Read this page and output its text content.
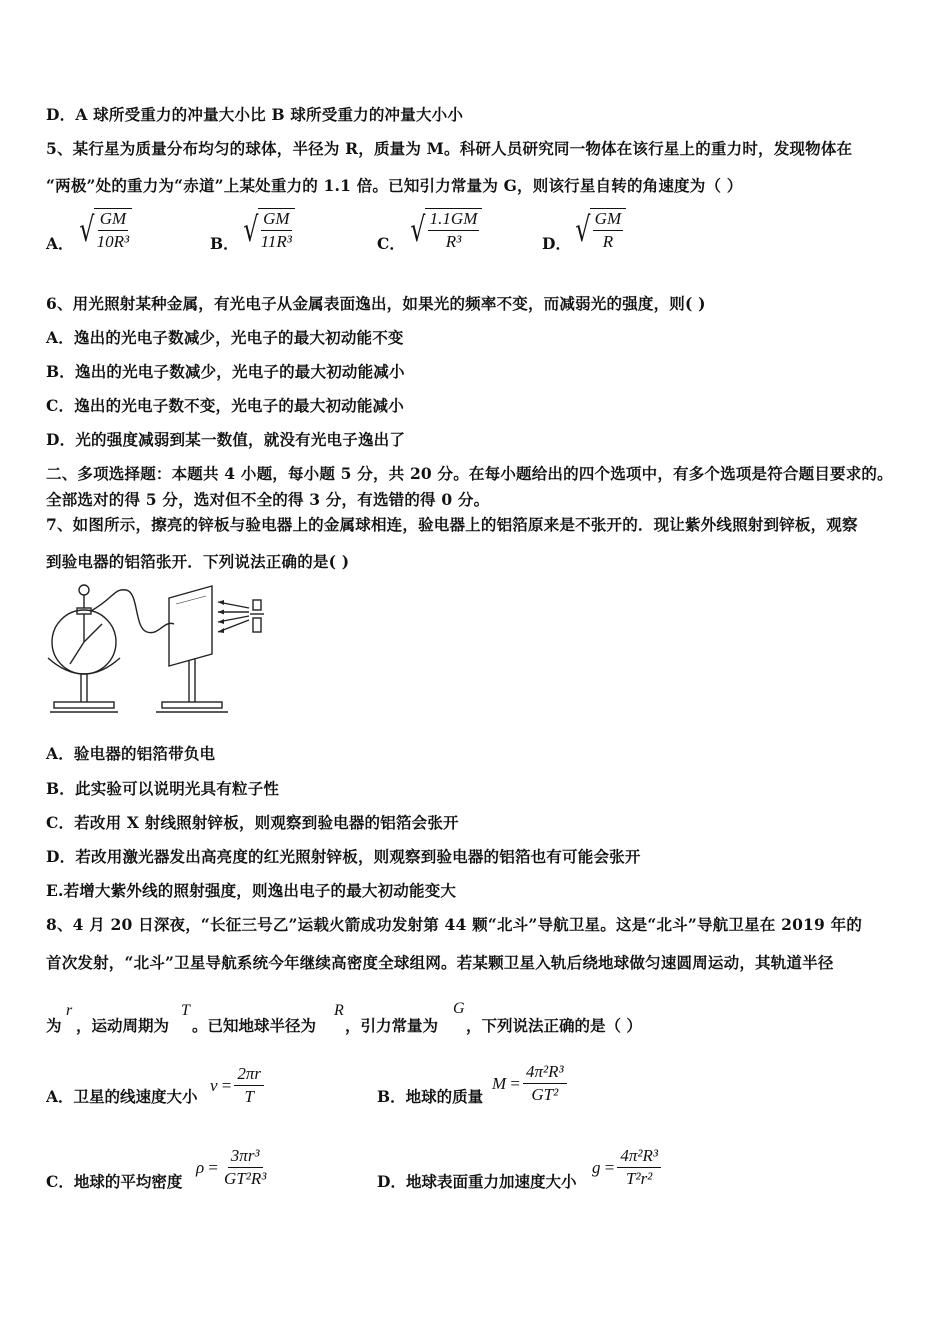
D．A 球所受重力的冲量大小比 B 球所受重力的冲量大小小
5、某行星为质量分布均匀的球体，半径为 R，质量为 M。科研人员研究同一物体在该行星上的重力时，发现物体在
“两极”处的重力为“赤道”上某处重力的 1.1 倍。已知引力常量为 G，则该行星自转的角速度为（ ）
A． √ $\frac{GM}{\text{10R³}}$	B． √ $\frac{GM}{\text{11R³}}$	C． √ $\frac{1.1GM}{\text{R³}}$	D． √ $\frac{GM}{R}$
6、用光照射某种金属，有光电子从金属表面逸出，如果光的频率不变，而减弱光的强度，则( )
A．逸出的光电子数减少，光电子的最大初动能不变
B．逸出的光电子数减少，光电子的最大初动能减小
C．逸出的光电子数不变，光电子的最大初动能减小
D．光的强度减弱到某一数值，就没有光电子逸出了
二、多项选择题：本题共 4 小题，每小题 5 分，共 20 分。在每小题给出的四个选项中，有多个选项是符合题目要求的。
全部选对的得 5 分，选对但不全的得 3 分，有选错的得 0 分。
7、如图所示，擦亮的锌板与验电器上的金属球相连，验电器上的铝箔原来是不张开的．现让紫外线照射到锌板，观察
到验电器的铝箔张开．下列说法正确的是( )
A．验电器的铝箔带负电
B．此实验可以说明光具有粒子性
C．若改用 X 射线照射锌板，则观察到验电器的铝箔会张开
D．若改用激光器发出高亮度的红光照射锌板，则观察到验电器的铝箔也有可能会张开
E.若增大紫外线的照射强度，则逸出电子的最大初动能变大
8、4 月 20 日深夜，“长征三号乙”运载火箭成功发射第 44 颗“北斗”导航卫星。这是“北斗”导航卫星在 2019 年的
首次发射，“北斗”卫星导航系统今年继续高密度全球组网。若某颗卫星入轨后绕地球做匀速圆周运动，其轨道半径
为
r
，运动周期为
T
。已知地球半径为
R
，引力常量为
G
，下列说法正确的是（ ）
A．卫星的线速度大小
$v = \frac{2\pi r}{T}$	B．地球的质量
$M = \frac{\text{4π²R³}}{\text{GT²}}$
C．地球的平均密度
$\rho = \frac{\text{3πr³}}{\text{GT²R³}}$	D．地球表面重力加速度大小
$g = \frac{\text{4π²R³}}{\text{T²r²}}$
